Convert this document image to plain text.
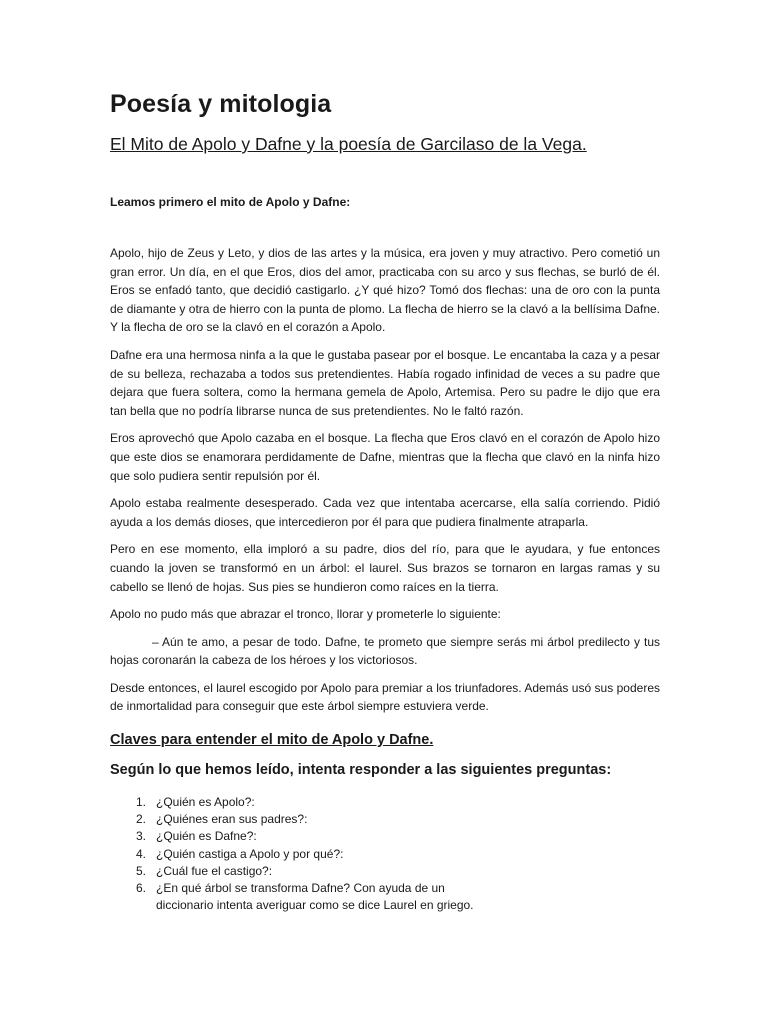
Poesía y mitologia
El Mito de Apolo y Dafne y la poesía de Garcilaso de la Vega.

Leamos primero el mito de Apolo y Dafne:

Apolo, hijo de Zeus y Leto, y dios de las artes y la música, era joven y muy atractivo. Pero cometió un gran error. Un día, en el que Eros, dios del amor, practicaba con su arco y sus flechas, se burló de él. Eros se enfadó tanto, que decidió castigarlo. ¿Y qué hizo? Tomó dos flechas: una de oro con la punta de diamante y otra de hierro con la punta de plomo. La flecha de hierro se la clavó a la bellísima Dafne. Y la flecha de oro se la clavó en el corazón a Apolo.

Dafne era una hermosa ninfa a la que le gustaba pasear por el bosque. Le encantaba la caza y a pesar de su belleza, rechazaba a todos sus pretendientes. Había rogado infinidad de veces a su padre que dejara que fuera soltera, como la hermana gemela de Apolo, Artemisa. Pero su padre le dijo que era tan bella que no podría librarse nunca de sus pretendientes. No le faltó razón.

Eros aprovechó que Apolo cazaba en el bosque. La flecha que Eros clavó en el corazón de Apolo hizo que este dios se enamorara perdidamente de Dafne, mientras que la flecha que clavó en la ninfa hizo que solo pudiera sentir repulsión por él.

Apolo estaba realmente desesperado. Cada vez que intentaba acercarse, ella salía corriendo. Pidió ayuda a los demás dioses, que intercedieron por él para que pudiera finalmente atraparla.

Pero en ese momento, ella imploró a su padre, dios del río, para que le ayudara, y fue entonces cuando la joven se transformó en un árbol: el laurel. Sus brazos se tornaron en largas ramas y su cabello se llenó de hojas. Sus pies se hundieron como raíces en la tierra.

Apolo no pudo más que abrazar el tronco, llorar y prometerle lo siguiente:

– Aún te amo, a pesar de todo. Dafne, te prometo que siempre serás mi árbol predilecto y tus hojas coronarán la cabeza de los héroes y los victoriosos.

Desde entonces, el laurel escogido por Apolo para premiar a los triunfadores. Además usó sus poderes de inmortalidad para conseguir que este árbol siempre estuviera verde.

Claves para entender el mito de Apolo y Dafne.
Según lo que hemos leído, intenta responder a las siguientes preguntas:
1. ¿Quién es Apolo?:
2. ¿Quiénes eran sus padres?:
3. ¿Quién es Dafne?:
4. ¿Quién castiga a Apolo y por qué?:
5. ¿Cuál fue el castigo?:
6. ¿En qué árbol se transforma Dafne? Con ayuda de un diccionario intenta averiguar como se dice Laurel en griego.
